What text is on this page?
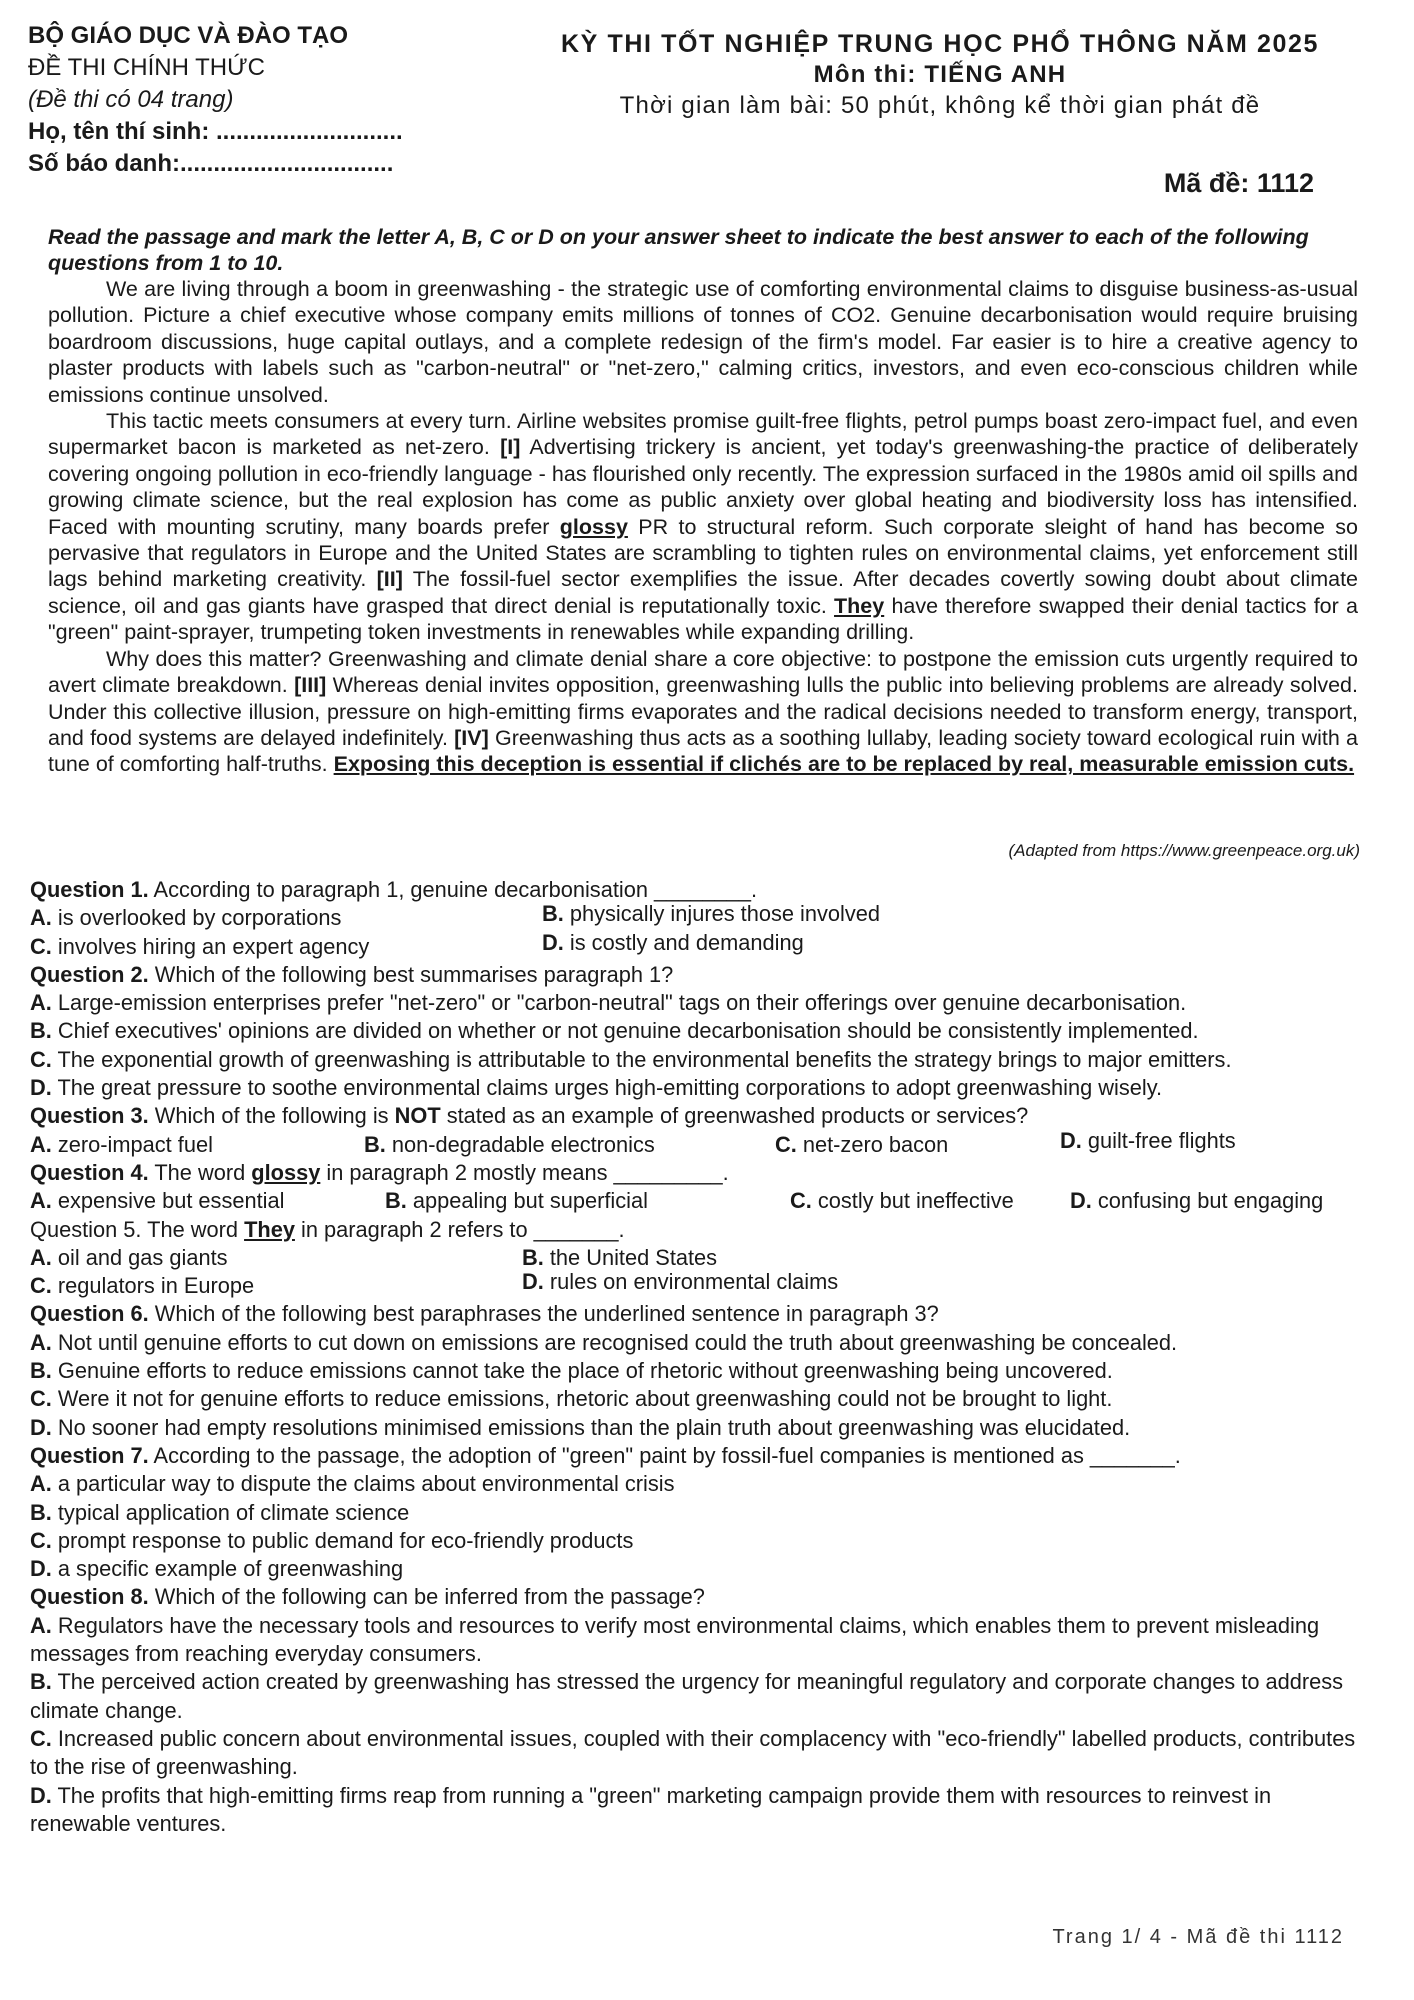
BỘ GIÁO DỤC VÀ ĐÀO TẠO
ĐỀ THI CHÍNH THỨC
(Đề thi có 04 trang)
Họ, tên thí sinh: ............................
Số báo danh:................................
KỲ THI TỐT NGHIỆP TRUNG HỌC PHỔ THÔNG NĂM 2025
Môn thi: TIẾNG ANH
Thời gian làm bài: 50 phút, không kể thời gian phát đề
Mã đề: 1112
Read the passage and mark the letter A, B, C or D on your answer sheet to indicate the best answer to each of the following questions from 1 to 10.

We are living through a boom in greenwashing - the strategic use of comforting environmental claims to disguise business-as-usual pollution. Picture a chief executive whose company emits millions of tonnes of CO2. Genuine decarbonisation would require bruising boardroom discussions, huge capital outlays, and a complete redesign of the firm's model. Far easier is to hire a creative agency to plaster products with labels such as "carbon-neutral" or "net-zero," calming critics, investors, and even eco-conscious children while emissions continue unsolved.

This tactic meets consumers at every turn. Airline websites promise guilt-free flights, petrol pumps boast zero-impact fuel, and even supermarket bacon is marketed as net-zero. [I] Advertising trickery is ancient, yet today's greenwashing-the practice of deliberately covering ongoing pollution in eco-friendly language - has flourished only recently. The expression surfaced in the 1980s amid oil spills and growing climate science, but the real explosion has come as public anxiety over global heating and biodiversity loss has intensified. Faced with mounting scrutiny, many boards prefer glossy PR to structural reform. Such corporate sleight of hand has become so pervasive that regulators in Europe and the United States are scrambling to tighten rules on environmental claims, yet enforcement still lags behind marketing creativity. [II] The fossil-fuel sector exemplifies the issue. After decades covertly sowing doubt about climate science, oil and gas giants have grasped that direct denial is reputationally toxic. They have therefore swapped their denial tactics for a "green" paint-sprayer, trumpeting token investments in renewables while expanding drilling.

Why does this matter? Greenwashing and climate denial share a core objective: to postpone the emission cuts urgently required to avert climate breakdown. [III] Whereas denial invites opposition, greenwashing lulls the public into believing problems are already solved. Under this collective illusion, pressure on high-emitting firms evaporates and the radical decisions needed to transform energy, transport, and food systems are delayed indefinitely. [IV] Greenwashing thus acts as a soothing lullaby, leading society toward ecological ruin with a tune of comforting half-truths. Exposing this deception is essential if clichés are to be replaced by real, measurable emission cuts.

(Adapted from https://www.greenpeace.org.uk)
Question 1. According to paragraph 1, genuine decarbonisation ________.
A. is overlooked by corporations	B. physically injures those involved
C. involves hiring an expert agency	D. is costly and demanding
Question 2. Which of the following best summarises paragraph 1?
A. Large-emission enterprises prefer "net-zero" or "carbon-neutral" tags on their offerings over genuine decarbonisation.
B. Chief executives' opinions are divided on whether or not genuine decarbonisation should be consistently implemented.
C. The exponential growth of greenwashing is attributable to the environmental benefits the strategy brings to major emitters.
D. The great pressure to soothe environmental claims urges high-emitting corporations to adopt greenwashing wisely.
Question 3. Which of the following is NOT stated as an example of greenwashed products or services?
A. zero-impact fuel	B. non-degradable electronics	C. net-zero bacon	D. guilt-free flights
Question 4. The word glossy in paragraph 2 mostly means _________.
A. expensive but essential	B. appealing but superficial	C. costly but ineffective	D. confusing but engaging
Question 5. The word They in paragraph 2 refers to _______.
A. oil and gas giants	B. the United States
C. regulators in Europe	D. rules on environmental claims
Question 6. Which of the following best paraphrases the underlined sentence in paragraph 3?
A. Not until genuine efforts to cut down on emissions are recognised could the truth about greenwashing be concealed.
B. Genuine efforts to reduce emissions cannot take the place of rhetoric without greenwashing being uncovered.
C. Were it not for genuine efforts to reduce emissions, rhetoric about greenwashing could not be brought to light.
D. No sooner had empty resolutions minimised emissions than the plain truth about greenwashing was elucidated.
Question 7. According to the passage, the adoption of "green" paint by fossil-fuel companies is mentioned as _______.
A. a particular way to dispute the claims about environmental crisis
B. typical application of climate science
C. prompt response to public demand for eco-friendly products
D. a specific example of greenwashing
Question 8. Which of the following can be inferred from the passage?
A. Regulators have the necessary tools and resources to verify most environmental claims, which enables them to prevent misleading messages from reaching everyday consumers.
B. The perceived action created by greenwashing has stressed the urgency for meaningful regulatory and corporate changes to address climate change.
C. Increased public concern about environmental issues, coupled with their complacency with "eco-friendly" labelled products, contributes to the rise of greenwashing.
D. The profits that high-emitting firms reap from running a "green" marketing campaign provide them with resources to reinvest in renewable ventures.
Trang 1/ 4 - Mã đề thi 1112
